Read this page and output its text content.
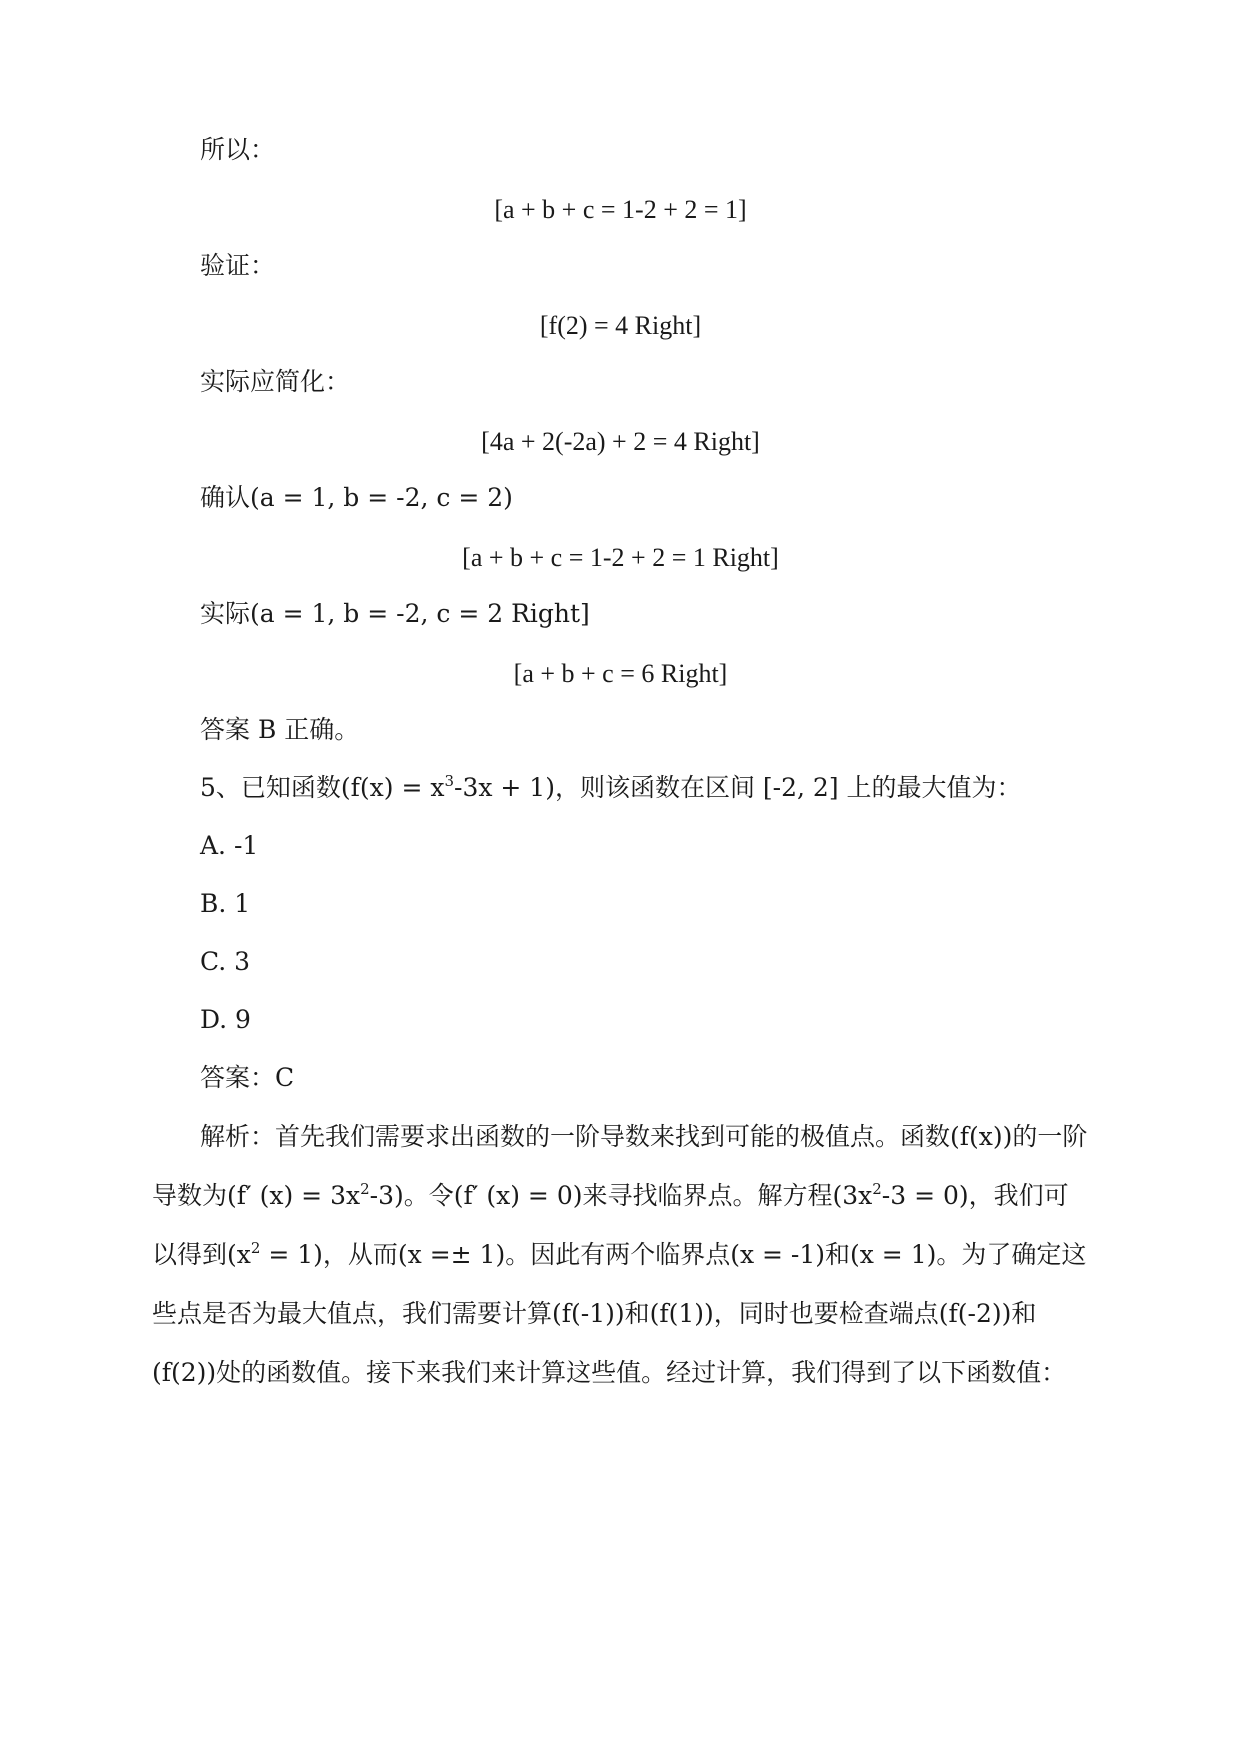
所以：
[a + b + c = 1-2 + 2 = 1]
验证：
[f(2) = 4 Right]
实际应简化：
[4a + 2(-2a) + 2 = 4 Right]
确认(a = 1, b = -2, c = 2)
[a + b + c = 1-2 + 2 = 1 Right]
实际(a = 1, b = -2, c = 2 Right]
[a + b + c = 6 Right]
答案 B 正确。
5、已知函数$(f(x) = x^3-3x + 1)$，则该函数在区间 [-2, 2] 上的最大值为：
A. -1
B. 1
C. 3
D. 9
答案：C
解析：首先我们需要求出函数的一阶导数来找到可能的极值点。函数(f(x))的一阶
导数为(f′ $(x) = 3x^2-3$)。令(f′ (x) = 0)来寻找临界点。解方程$(3x^2-3 = 0)$，我们可
以得到$(x^2 = 1)$，从而(x =± 1)。因此有两个临界点(x = -1)和(x = 1)。为了确定这
些点是否为最大值点，我们需要计算(f(-1))和(f(1))，同时也要检查端点(f(-2))和
(f(2))处的函数值。接下来我们来计算这些值。经过计算，我们得到了以下函数值：
